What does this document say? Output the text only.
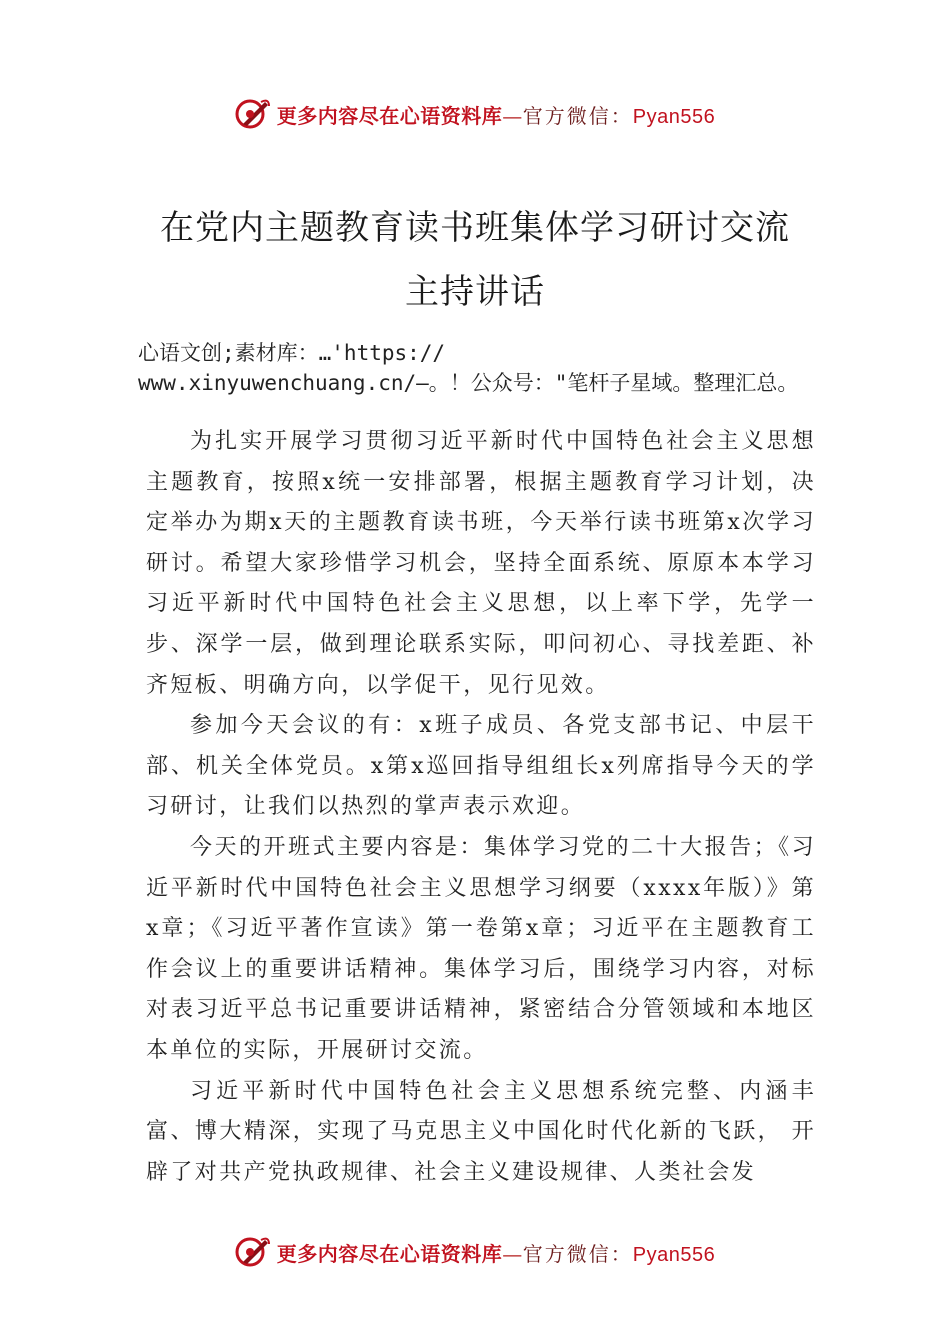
更多内容尽在心语资料库—官方微信：Pyan556
在党内主题教育读书班集体学习研讨交流
主持讲话
心语文创;素材库：…'https://
www.xinyuwenchuang.cn/—。！公众号："笔杆子星域。整理汇总。

为扎实开展学习贯彻习近平新时代中国特色社会主义思想主题教育，按照x统一安排部署，根据主题教育学习计划，决定举办为期x天的主题教育读书班，今天举行读书班第x次学习研讨。希望大家珍惜学习机会，坚持全面系统、原原本本学习习近平新时代中国特色社会主义思想，以上率下学，先学一步、深学一层，做到理论联系实际，叩问初心、寻找差距、补齐短板、明确方向，以学促干，见行见效。

参加今天会议的有：x班子成员、各党支部书记、中层干部、机关全体党员。x第x巡回指导组组长x列席指导今天的学习研讨，让我们以热烈的掌声表示欢迎。

今天的开班式主要内容是：集体学习党的二十大报告；《习近平新时代中国特色社会主义思想学习纲要（xxxx年版）》第x章；《习近平著作宣读》第一卷第x章；习近平在主题教育工作会议上的重要讲话精神。集体学习后，围绕学习内容，对标对表习近平总书记重要讲话精神，紧密结合分管领域和本地区本单位的实际，开展研讨交流。

习近平新时代中国特色社会主义思想系统完整、内涵丰富、博大精深，实现了马克思主义中国化时代化新的飞跃， 开辟了对共产党执政规律、社会主义建设规律、人类社会发

更多内容尽在心语资料库—官方微信：Pyan556
